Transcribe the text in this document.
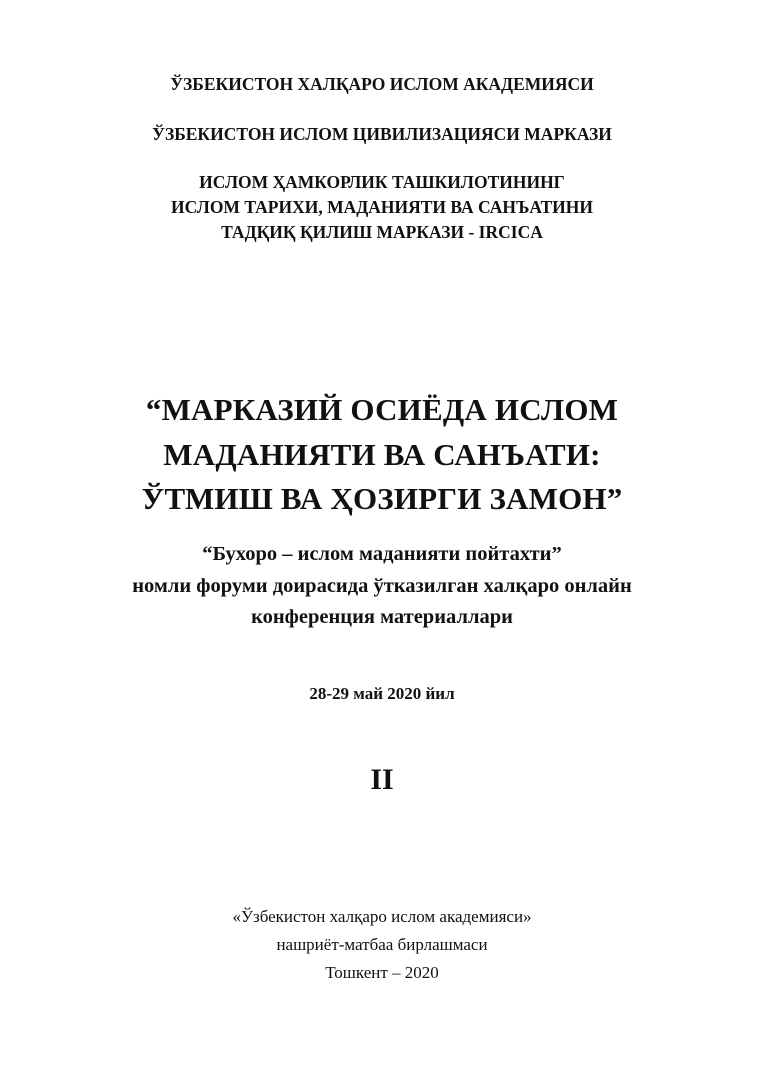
ЎЗБЕКИСТОН ХАЛҚАРО ИСЛОМ АКАДЕМИЯСИ
ЎЗБЕКИСТОН ИСЛОМ ЦИВИЛИЗАЦИЯСИ МАРКАЗИ
ИСЛОМ ҲАМКОРЛИК ТАШКИЛОТИНИНГ
ИСЛОМ ТАРИХИ, МАДАНИЯТИ ВА САНЪАТИНИ
ТАДҚИҚ ҚИЛИШ МАРКАЗИ - IRCICA
“МАРКАЗИЙ ОСИЁДА ИСЛОМ
МАДАНИЯТИ ВА САНЪАТИ:
ЎТМИШ ВА ҲОЗИРГИ ЗАМОН”
“Бухоро – ислом маданияти пойтахти”
номли форуми доирасида ўтказилган халқаро онлайн
конференция материаллари
28-29 май 2020 йил
II
«Ўзбекистон халқаро ислом академияси»
нашриёт-матбаа бирлашмаси
Тошкент – 2020
